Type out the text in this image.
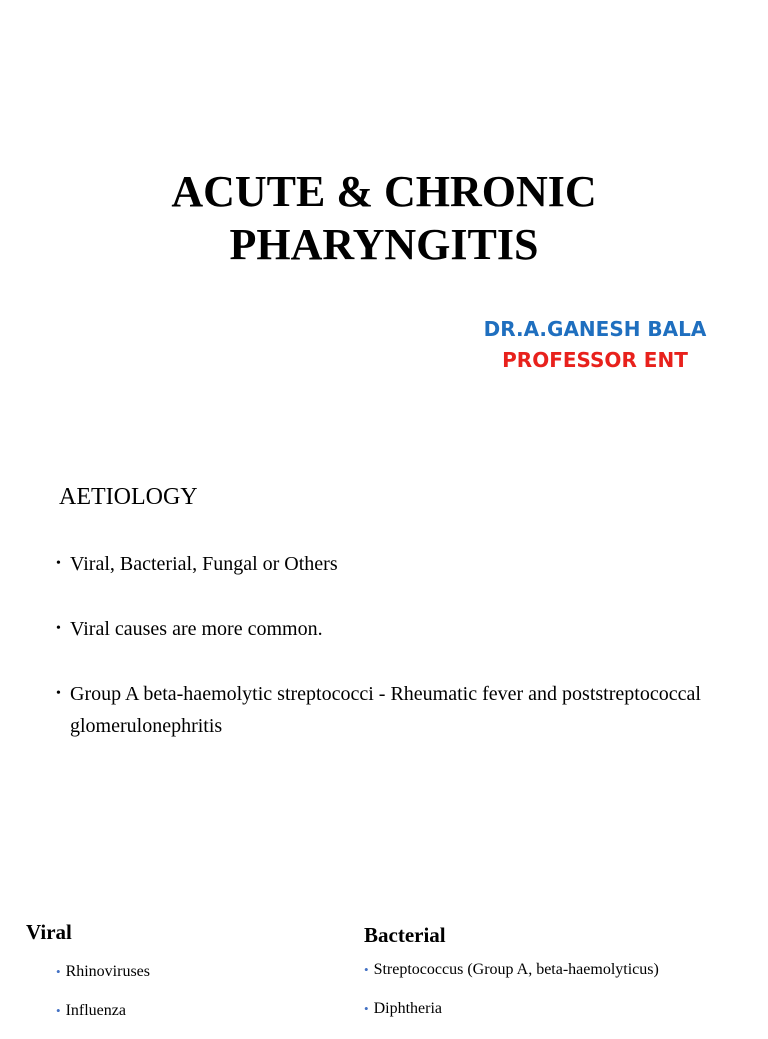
ACUTE & CHRONIC
PHARYNGITIS
DR.A.GANESH BALA
PROFESSOR ENT
AETIOLOGY
• Viral, Bacterial, Fungal or Others
• Viral causes are more common.
• Group A beta-haemolytic streptococci - Rheumatic fever and poststreptococcal glomerulonephritis
Viral
• Rhinoviruses
• Influenza
Bacterial
• Streptococcus (Group A, beta-haemolyticus)
• Diphtheria
